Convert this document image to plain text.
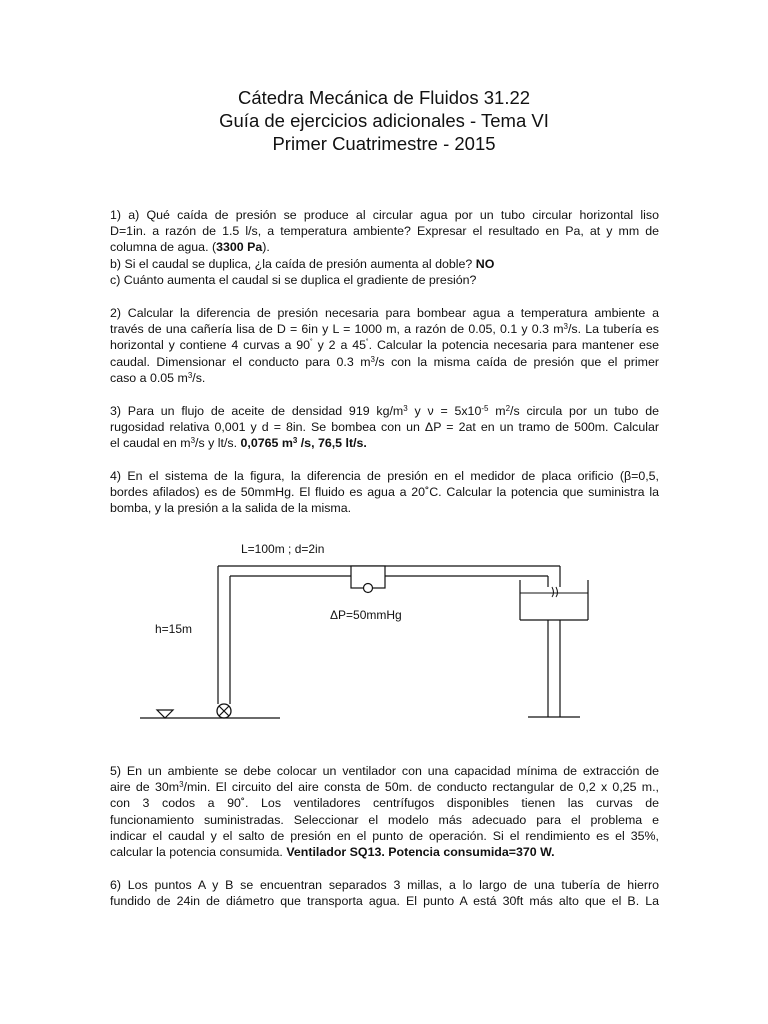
Cátedra Mecánica de Fluidos 31.22
Guía de ejercicios adicionales - Tema VI
Primer Cuatrimestre - 2015
1) a) Qué caída de presión se produce al circular agua por un tubo circular horizontal liso
D=1in. a razón de 1.5 l/s, a temperatura ambiente? Expresar el resultado en Pa, at y mm de
columna de agua. (3300 Pa).
b) Si el caudal se duplica, ¿la caída de presión aumenta al doble? NO
c) Cuánto aumenta el caudal si se duplica el gradiente de presión?
2) Calcular la diferencia de presión necesaria para bombear agua a temperatura ambiente a
través de una cañería lisa de D = 6in y L = 1000 m, a razón de 0.05, 0.1 y 0.3 $m^3/s$. La tubería es
horizontal y contiene 4 curvas a 90˚ y 2 a 45˚. Calcular la potencia necesaria para mantener ese
caudal. Dimensionar el conducto para 0.3 $m^3/s$ con la misma caída de presión que el primer
caso a 0.05 $m^3/s$.
3) Para un flujo de aceite de densidad 919 $kg/m^3$ y $\nu = 5x10^{-5}$ $m^2/s$ circula por un tubo de
rugosidad relativa 0,001 y d = 8in. Se bombea con un ΔP = 2at en un tramo de 500m. Calcular
el caudal en $m^3/s$ y lt/s. 0,0765 $m^3$ /s, 76,5 lt/s.
4) En el sistema de la figura, la diferencia de presión en el medidor de placa orificio (β=0,5,
bordes afilados) es de 50mmHg. El fluido es agua a 20˚C. Calcular la potencia que suministra la
bomba, y la presión a la salida de la misma.
L=100m ; d=2in
ΔP=50mmHg
h=15m
5) En un ambiente se debe colocar un ventilador con una capacidad mínima de extracción de
aire de $30m^3/\min$. El circuito del aire consta de 50m. de conducto rectangular de 0,2 x 0,25 m.,
con 3 codos a 90˚. Los ventiladores centrífugos disponibles tienen las curvas de
funcionamiento suministradas. Seleccionar el modelo más adecuado para el problema e
indicar el caudal y el salto de presión en el punto de operación. Si el rendimiento es el 35%,
calcular la potencia consumida. Ventilador SQ13. Potencia consumida=370 W.
6) Los puntos A y B se encuentran separados 3 millas, a lo largo de una tubería de hierro
fundido de 24in de diámetro que transporta agua. El punto A está 30ft más alto que el B. La
